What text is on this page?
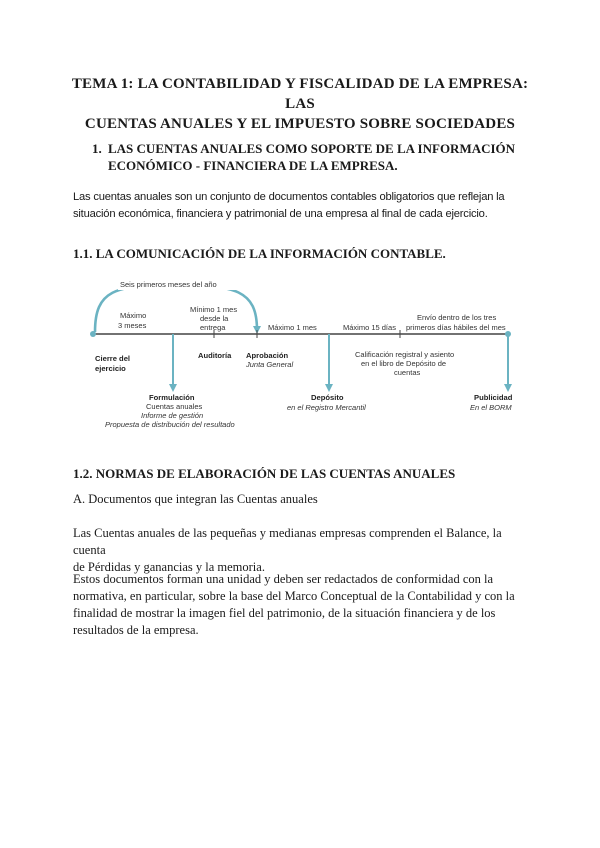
TEMA 1: LA CONTABILIDAD Y FISCALIDAD DE LA EMPRESA: LAS
CUENTAS ANUALES Y EL IMPUESTO SOBRE SOCIEDADES
1. LAS CUENTAS ANUALES COMO SOPORTE DE LA INFORMACIÓN
ECONÓMICO - FINANCIERA DE LA EMPRESA.
Las cuentas anuales son un conjunto de documentos contables obligatorios que reflejan la
situación económica, financiera y patrimonial de una empresa al final de cada ejercicio.
1.1. LA COMUNICACIÓN DE LA INFORMACIÓN CONTABLE.
Seis primeros meses del año
Máximo
3 meses
Mínimo 1 mes
desde la
entrega	Máximo 1 mes	Máximo 15 días
Envío dentro de los tres
primeros días hábiles del mes
Cierre del
ejercicio
Auditoría Aprobación
Junta General
Calificación registral y asiento
en el libro de Depósito de
cuentas
Formulación
Cuentas anuales
Informe de gestión
Propuesta de distribución del resultado
Depósito
en el Registro Mercantil
Publicidad
En el BORM
1.2. NORMAS DE ELABORACIÓN DE LAS CUENTAS ANUALES
A. Documentos que integran las Cuentas anuales
Las Cuentas anuales de las pequeñas y medianas empresas comprenden el Balance, la cuenta
de Pérdidas y ganancias y la memoria.
Estos documentos forman una unidad y deben ser redactados de conformidad con la
normativa, en particular, sobre la base del Marco Conceptual de la Contabilidad y con la
finalidad de mostrar la imagen fiel del patrimonio, de la situación financiera y de los
resultados de la empresa.
